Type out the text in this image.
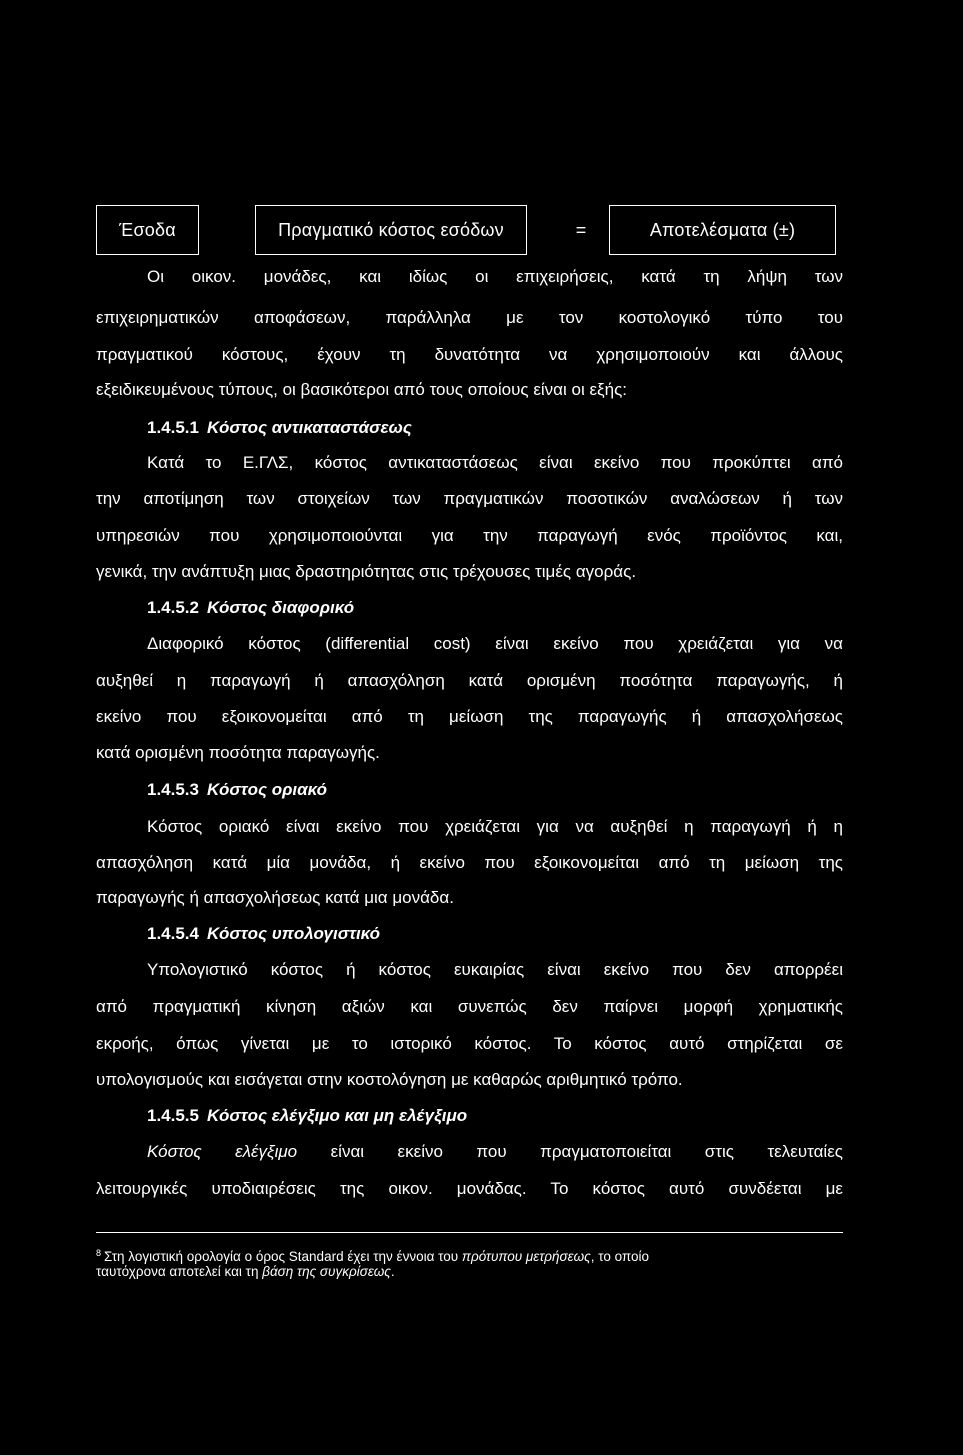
Έσοδα	Πραγματικό κόστος εσόδων	=	Αποτελέσματα (±)
Οι οικον. μονάδες, και ιδίως οι επιχειρήσεις, κατά τη λήψη των
επιχειρηματικών αποφάσεων, παράλληλα με τον κοστολογικό τύπο του
πραγματικού κόστους, έχουν τη δυνατότητα να χρησιμοποιούν και άλλους
εξειδικευμένους τύπους, οι βασικότεροι από τους οποίους είναι οι εξής:
1.4.5.1 Κόστος αντικαταστάσεως
Κατά το Ε.ΓΛΣ, κόστος αντικαταστάσεως είναι εκείνο που προκύπτει από
την αποτίμηση των στοιχείων των πραγματικών ποσοτικών αναλώσεων ή των
υπηρεσιών που χρησιμοποιούνται για την παραγωγή ενός προϊόντος και,
γενικά, την ανάπτυξη μιας δραστηριότητας στις τρέχουσες τιμές αγοράς.
1.4.5.2 Κόστος διαφορικό
Διαφορικό κόστος (differential cost) είναι εκείνο που χρειάζεται για να
αυξηθεί η παραγωγή ή απασχόληση κατά ορισμένη ποσότητα παραγωγής, ή
εκείνο που εξοικονομείται από τη μείωση της παραγωγής ή απασχολήσεως
κατά ορισμένη ποσότητα παραγωγής.
1.4.5.3 Κόστος οριακό
Κόστος οριακό είναι εκείνο που χρειάζεται για να αυξηθεί η παραγωγή ή η
απασχόληση κατά μία μονάδα, ή εκείνο που εξοικονομείται από τη μείωση της
παραγωγής ή απασχολήσεως κατά μια μονάδα.
1.4.5.4 Κόστος υπολογιστικό
Υπολογιστικό κόστος ή κόστος ευκαιρίας είναι εκείνο που δεν απορρέει
από πραγματική κίνηση αξιών και συνεπώς δεν παίρνει μορφή χρηματικής
εκροής, όπως γίνεται με το ιστορικό κόστος. Το κόστος αυτό στηρίζεται σε
υπολογισμούς και εισάγεται στην κοστολόγηση με καθαρώς αριθμητικό τρόπο.
1.4.5.5 Κόστος ελέγξιμο και μη ελέγξιμο
Κόστος ελέγξιμο είναι εκείνο που πραγματοποιείται στις τελευταίες
λειτουργικές υποδιαιρέσεις της οικον. μονάδας. Το κόστος αυτό συνδέεται με
$^8$ Στη λογιστική ορολογία ο όρος Standard έχει την έννοια του πρότυπου μετρήσεως, το οποίο
ταυτόχρονα αποτελεί και τη βάση της συγκρίσεως.
